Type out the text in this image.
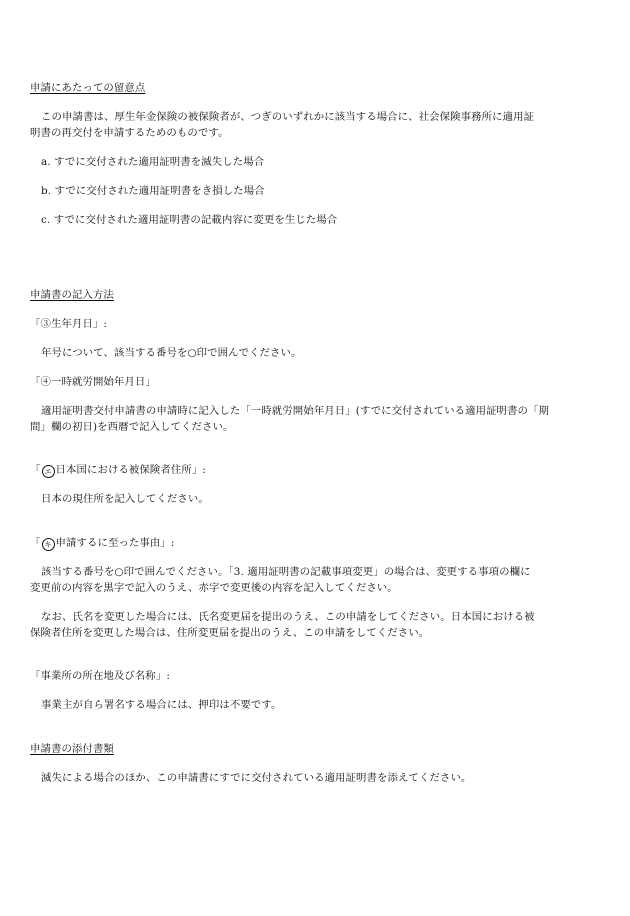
申請にあたっての留意点
この申請書は、厚生年金保険の被保険者が、つぎのいずれかに該当する場合に、社会保険事務所に適用証
明書の再交付を申請するためのものです。
a. すでに交付された適用証明書を滅失した場合
b. すでに交付された適用証明書をき損した場合
c. すでに交付された適用証明書の記載内容に変更を生じた場合
申請書の記入方法
「③生年月日」:
年号について、該当する番号を○印で囲んでください。
「④一時就労開始年月日」
適用証明書交付申請書の申請時に記入した「一時就労開始年月日」(すでに交付されている適用証明書の「期
間」欄の初日)を西暦で記入してください。
「 エ 日本国における被保険者住所」:
日本の現住所を記入してください。
「 キ 申請するに至った事由」:
該当する番号を○印で囲んでください。「3. 適用証明書の記載事項変更」の場合は、変更する事項の欄に
変更前の内容を黒字で記入のうえ、赤字で変更後の内容を記入してください。
なお、氏名を変更した場合には、氏名変更届を提出のうえ、この申請をしてください。日本国における被
保険者住所を変更した場合は、住所変更届を提出のうえ、この申請をしてください。
「事業所の所在地及び名称」:
事業主が自ら署名する場合には、押印は不要です。
申請書の添付書類
滅失による場合のほか、この申請書にすでに交付されている適用証明書を添えてください。
